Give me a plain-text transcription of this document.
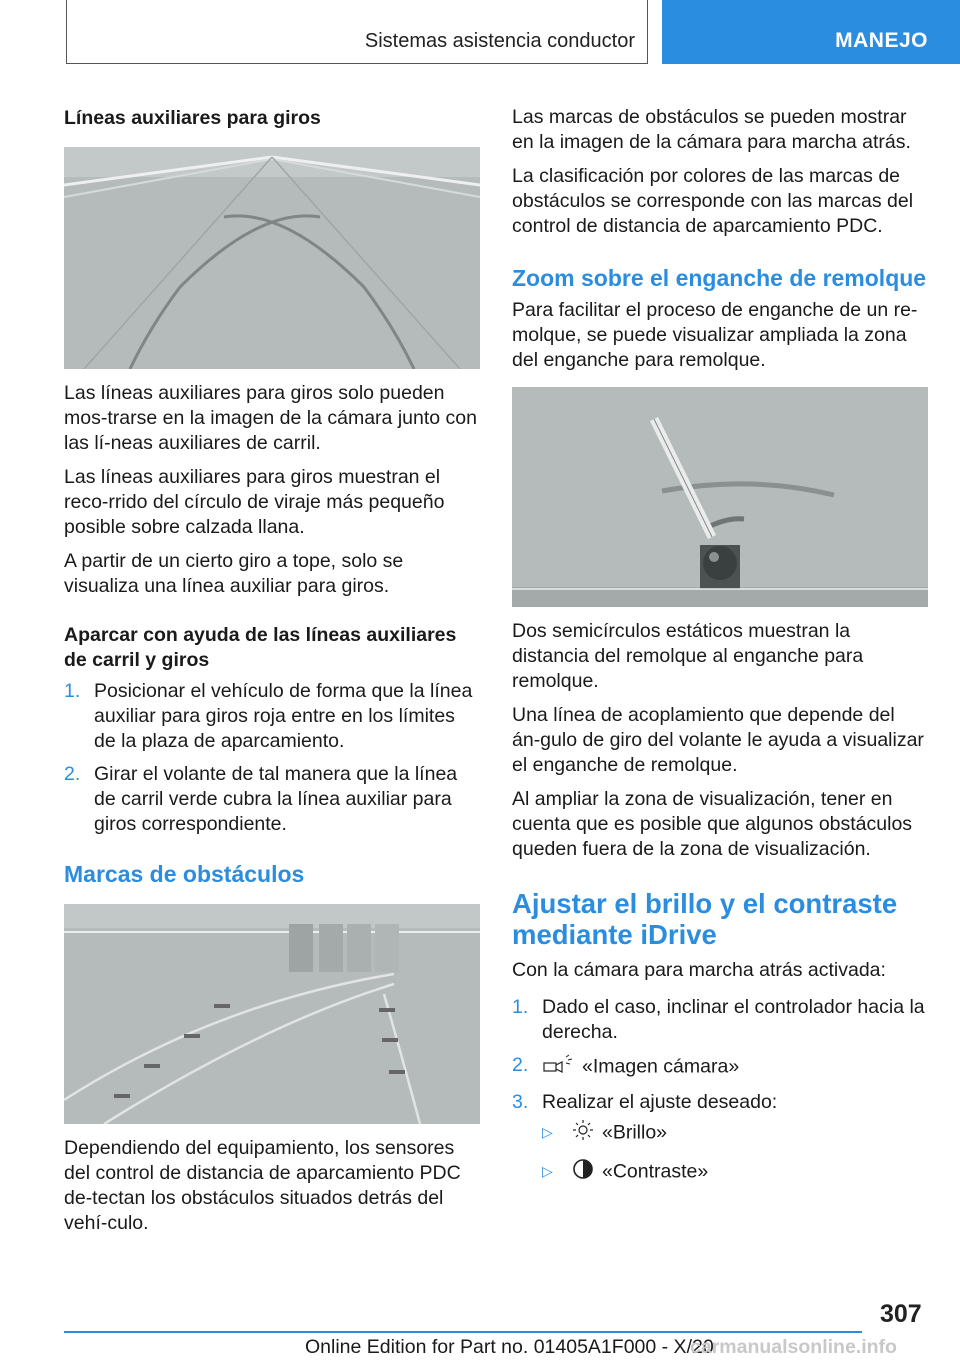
Sistemas asistencia conductor	MANEJO
Líneas auxiliares para giros

Las líneas auxiliares para giros solo pueden mos-trarse en la imagen de la cámara junto con las lí-neas auxiliares de carril.

Las líneas auxiliares para giros muestran el reco-rrido del círculo de viraje más pequeño posible sobre calzada llana.

A partir de un cierto giro a tope, solo se visualiza una línea auxiliar para giros.

Aparcar con ayuda de las líneas auxiliares de carril y giros
1. Posicionar el vehículo de forma que la línea auxiliar para giros roja entre en los límites de la plaza de aparcamiento.
2. Girar el volante de tal manera que la línea de carril verde cubra la línea auxiliar para giros correspondiente.
Marcas de obstáculos

Dependiendo del equipamiento, los sensores del control de distancia de aparcamiento PDC de-tectan los obstáculos situados detrás del vehí-culo.

Las marcas de obstáculos se pueden mostrar en la imagen de la cámara para marcha atrás.

La clasificación por colores de las marcas de obstáculos se corresponde con las marcas del control de distancia de aparcamiento PDC.

Zoom sobre el enganche de remolque

Para facilitar el proceso de enganche de un re-molque, se puede visualizar ampliada la zona del enganche para remolque.

Dos semicírculos estáticos muestran la distancia del remolque al enganche para remolque.

Una línea de acoplamiento que depende del án-gulo de giro del volante le ayuda a visualizar el enganche de remolque.

Al ampliar la zona de visualización, tener en cuenta que es posible que algunos obstáculos queden fuera de la zona de visualización.

Ajustar el brillo y el contraste mediante iDrive

Con la cámara para marcha atrás activada:

1. Dado el caso, inclinar el controlador hacia la derecha.
2.	«Imagen cámara»
3. Realizar el ajuste deseado:
▷	«Brillo»
▷	«Contraste»
307
Online Edition for Part no. 01405A1F000 - X/20
carmanualsonline.info
